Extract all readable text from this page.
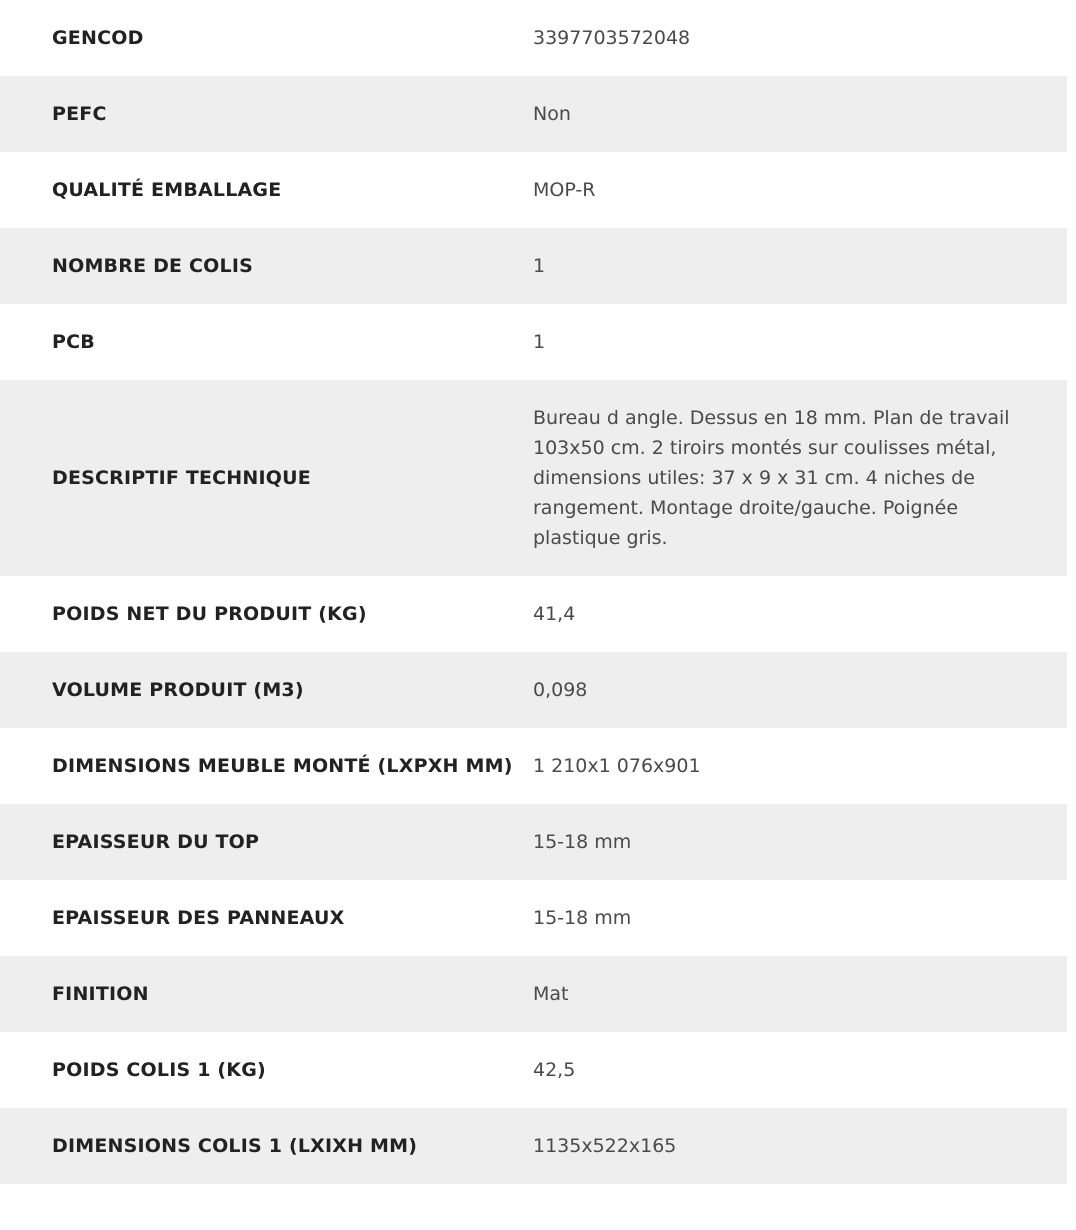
GENCOD	3397703572048
PEFC	Non
QUALITÉ EMBALLAGE	MOP-R
NOMBRE DE COLIS	1
PCB	1
DESCRIPTIF TECHNIQUE	Bureau d angle. Dessus en 18 mm. Plan de travail 103x50 cm. 2 tiroirs montés sur coulisses métal, dimensions utiles: 37 x 9 x 31 cm. 4 niches de rangement. Montage droite/gauche. Poignée plastique gris.
POIDS NET DU PRODUIT (KG)	41,4
VOLUME PRODUIT (M3)	0,098
DIMENSIONS MEUBLE MONTÉ (LXPXH MM)	1 210x1 076x901
EPAISSEUR DU TOP	15-18 mm
EPAISSEUR DES PANNEAUX	15-18 mm
FINITION	Mat
POIDS COLIS 1 (KG)	42,5
DIMENSIONS COLIS 1 (LXIXH MM)	1135x522x165
